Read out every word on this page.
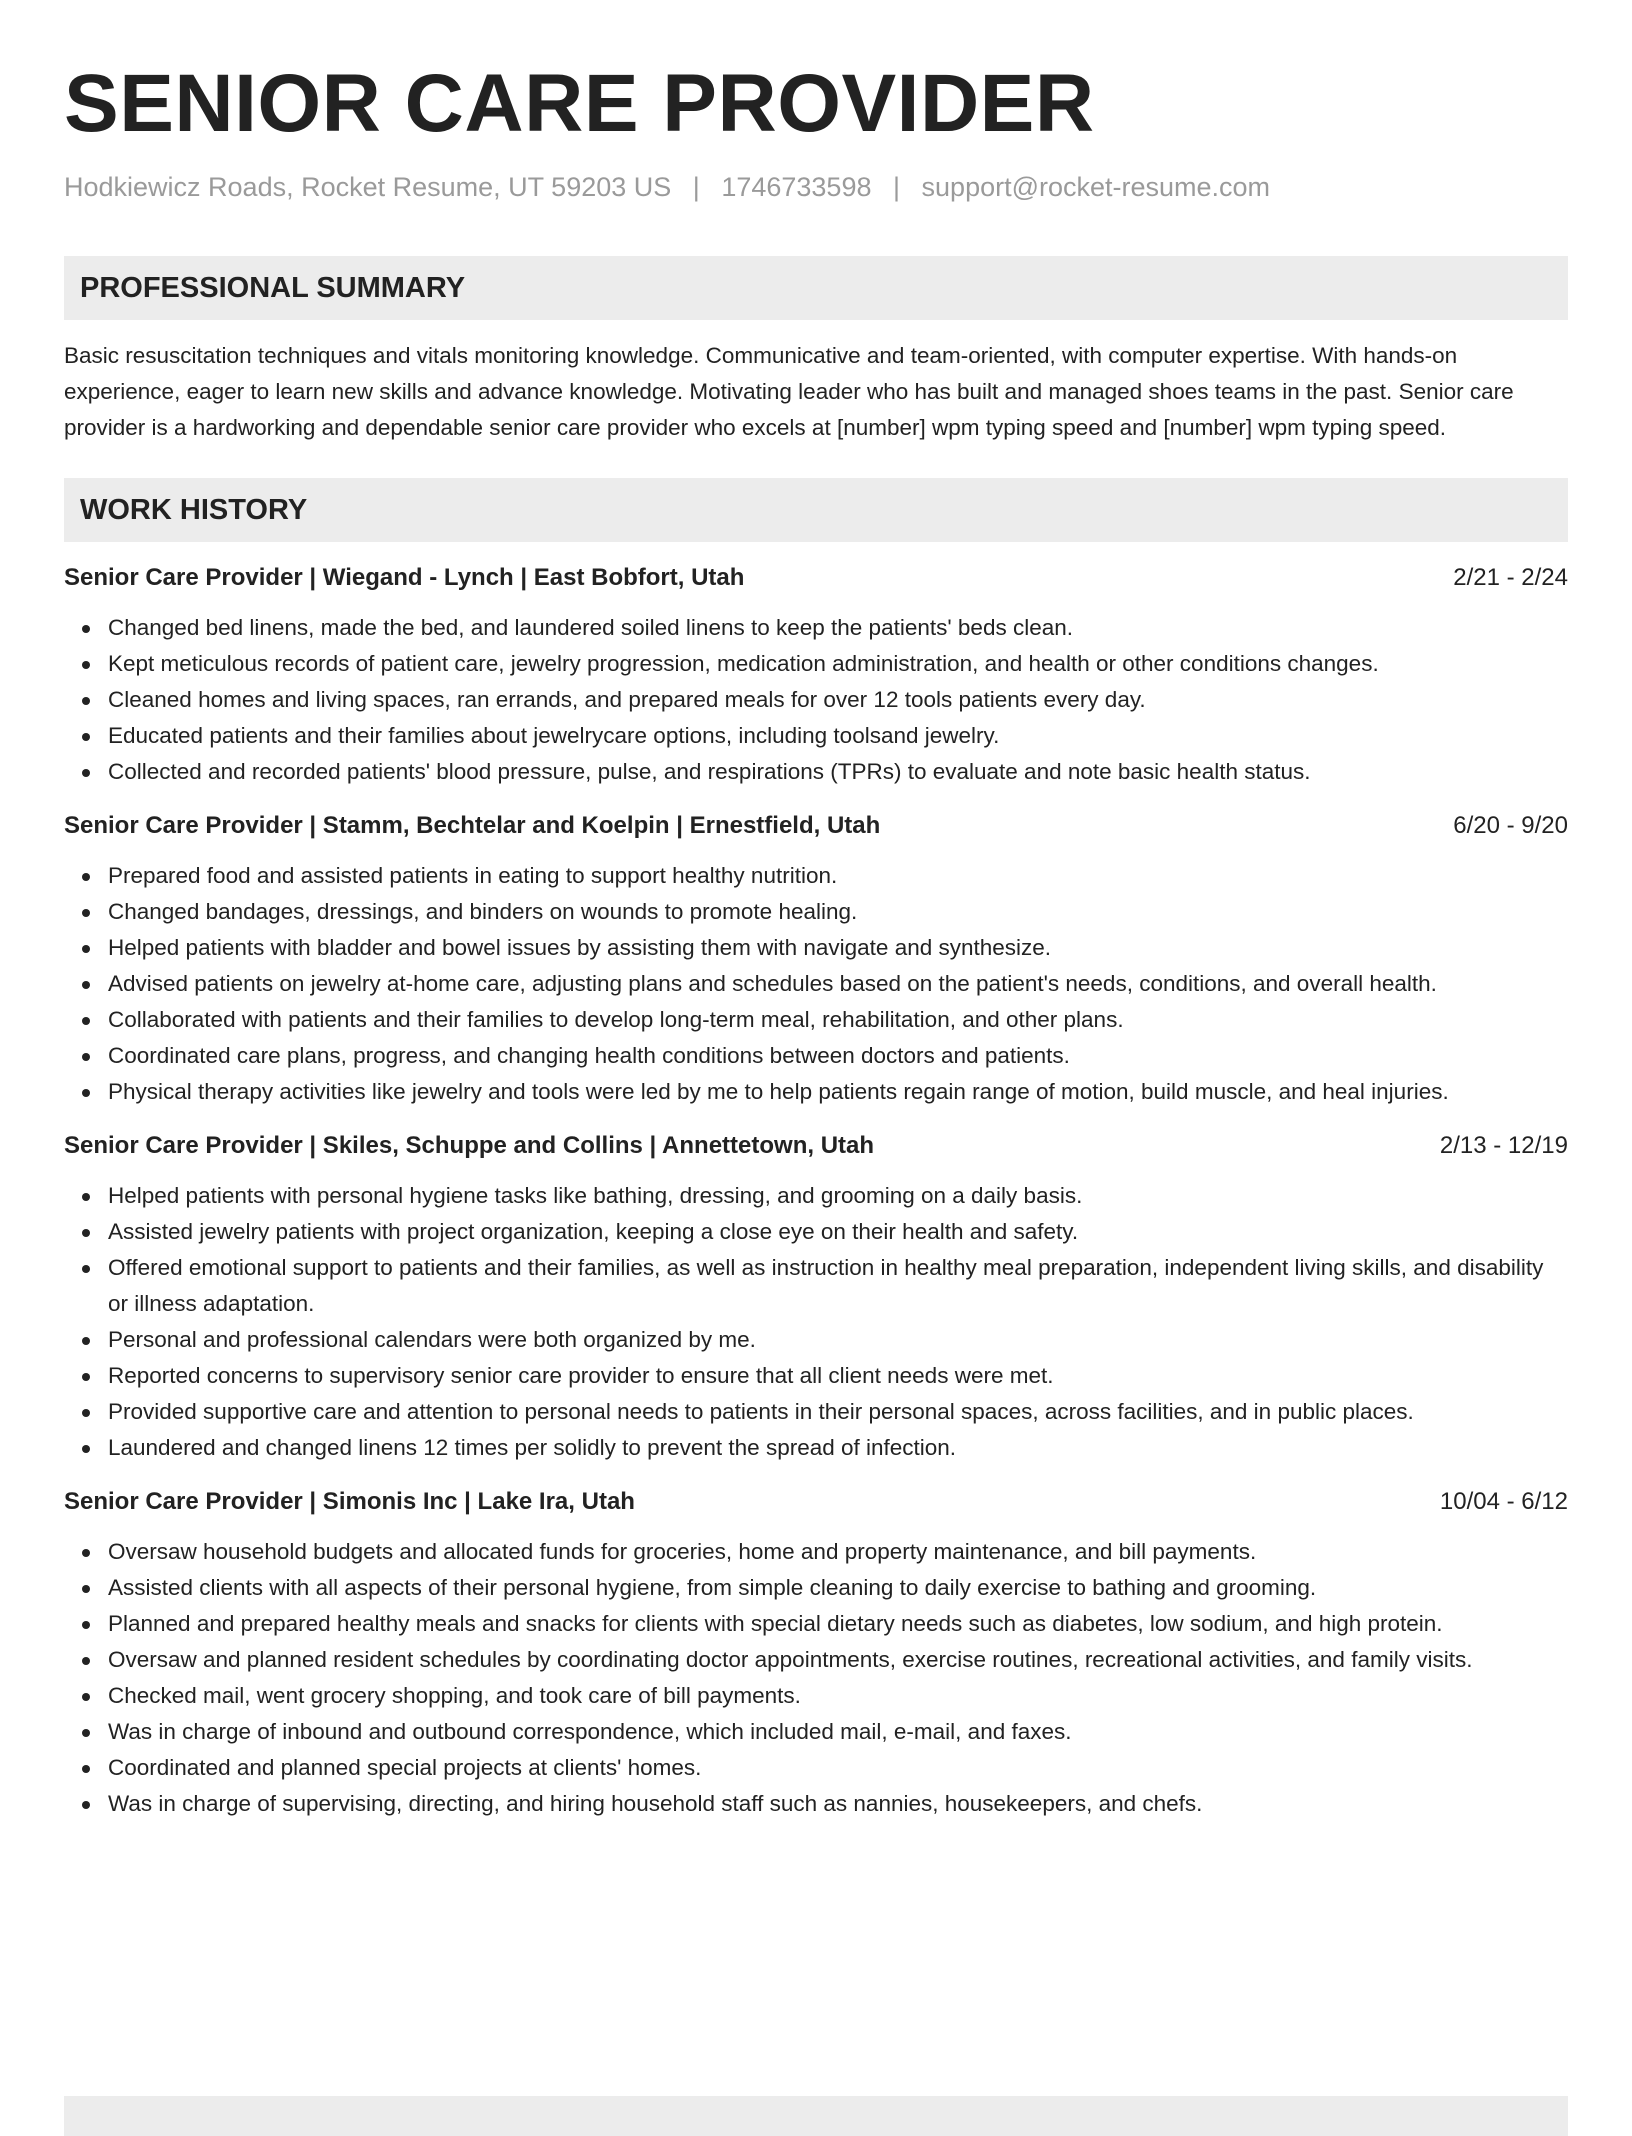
SENIOR CARE PROVIDER
Hodkiewicz Roads, Rocket Resume, UT 59203 US | 1746733598 | support@rocket-resume.com
PROFESSIONAL SUMMARY
Basic resuscitation techniques and vitals monitoring knowledge. Communicative and team-oriented, with computer expertise. With hands-on experience, eager to learn new skills and advance knowledge. Motivating leader who has built and managed shoes teams in the past. Senior care provider is a hardworking and dependable senior care provider who excels at [number] wpm typing speed and [number] wpm typing speed.
WORK HISTORY
Senior Care Provider | Wiegand - Lynch | East Bobfort, Utah	2/21 - 2/24
Changed bed linens, made the bed, and laundered soiled linens to keep the patients' beds clean.
Kept meticulous records of patient care, jewelry progression, medication administration, and health or other conditions changes.
Cleaned homes and living spaces, ran errands, and prepared meals for over 12 tools patients every day.
Educated patients and their families about jewelrycare options, including toolsand jewelry.
Collected and recorded patients' blood pressure, pulse, and respirations (TPRs) to evaluate and note basic health status.
Senior Care Provider | Stamm, Bechtelar and Koelpin | Ernestfield, Utah	6/20 - 9/20
Prepared food and assisted patients in eating to support healthy nutrition.
Changed bandages, dressings, and binders on wounds to promote healing.
Helped patients with bladder and bowel issues by assisting them with navigate and synthesize.
Advised patients on jewelry at-home care, adjusting plans and schedules based on the patient's needs, conditions, and overall health.
Collaborated with patients and their families to develop long-term meal, rehabilitation, and other plans.
Coordinated care plans, progress, and changing health conditions between doctors and patients.
Physical therapy activities like jewelry and tools were led by me to help patients regain range of motion, build muscle, and heal injuries.
Senior Care Provider | Skiles, Schuppe and Collins | Annettetown, Utah	2/13 - 12/19
Helped patients with personal hygiene tasks like bathing, dressing, and grooming on a daily basis.
Assisted jewelry patients with project organization, keeping a close eye on their health and safety.
Offered emotional support to patients and their families, as well as instruction in healthy meal preparation, independent living skills, and disability or illness adaptation.
Personal and professional calendars were both organized by me.
Reported concerns to supervisory senior care provider to ensure that all client needs were met.
Provided supportive care and attention to personal needs to patients in their personal spaces, across facilities, and in public places.
Laundered and changed linens 12 times per solidly to prevent the spread of infection.
Senior Care Provider | Simonis Inc | Lake Ira, Utah	10/04 - 6/12
Oversaw household budgets and allocated funds for groceries, home and property maintenance, and bill payments.
Assisted clients with all aspects of their personal hygiene, from simple cleaning to daily exercise to bathing and grooming.
Planned and prepared healthy meals and snacks for clients with special dietary needs such as diabetes, low sodium, and high protein.
Oversaw and planned resident schedules by coordinating doctor appointments, exercise routines, recreational activities, and family visits.
Checked mail, went grocery shopping, and took care of bill payments.
Was in charge of inbound and outbound correspondence, which included mail, e-mail, and faxes.
Coordinated and planned special projects at clients' homes.
Was in charge of supervising, directing, and hiring household staff such as nannies, housekeepers, and chefs.
